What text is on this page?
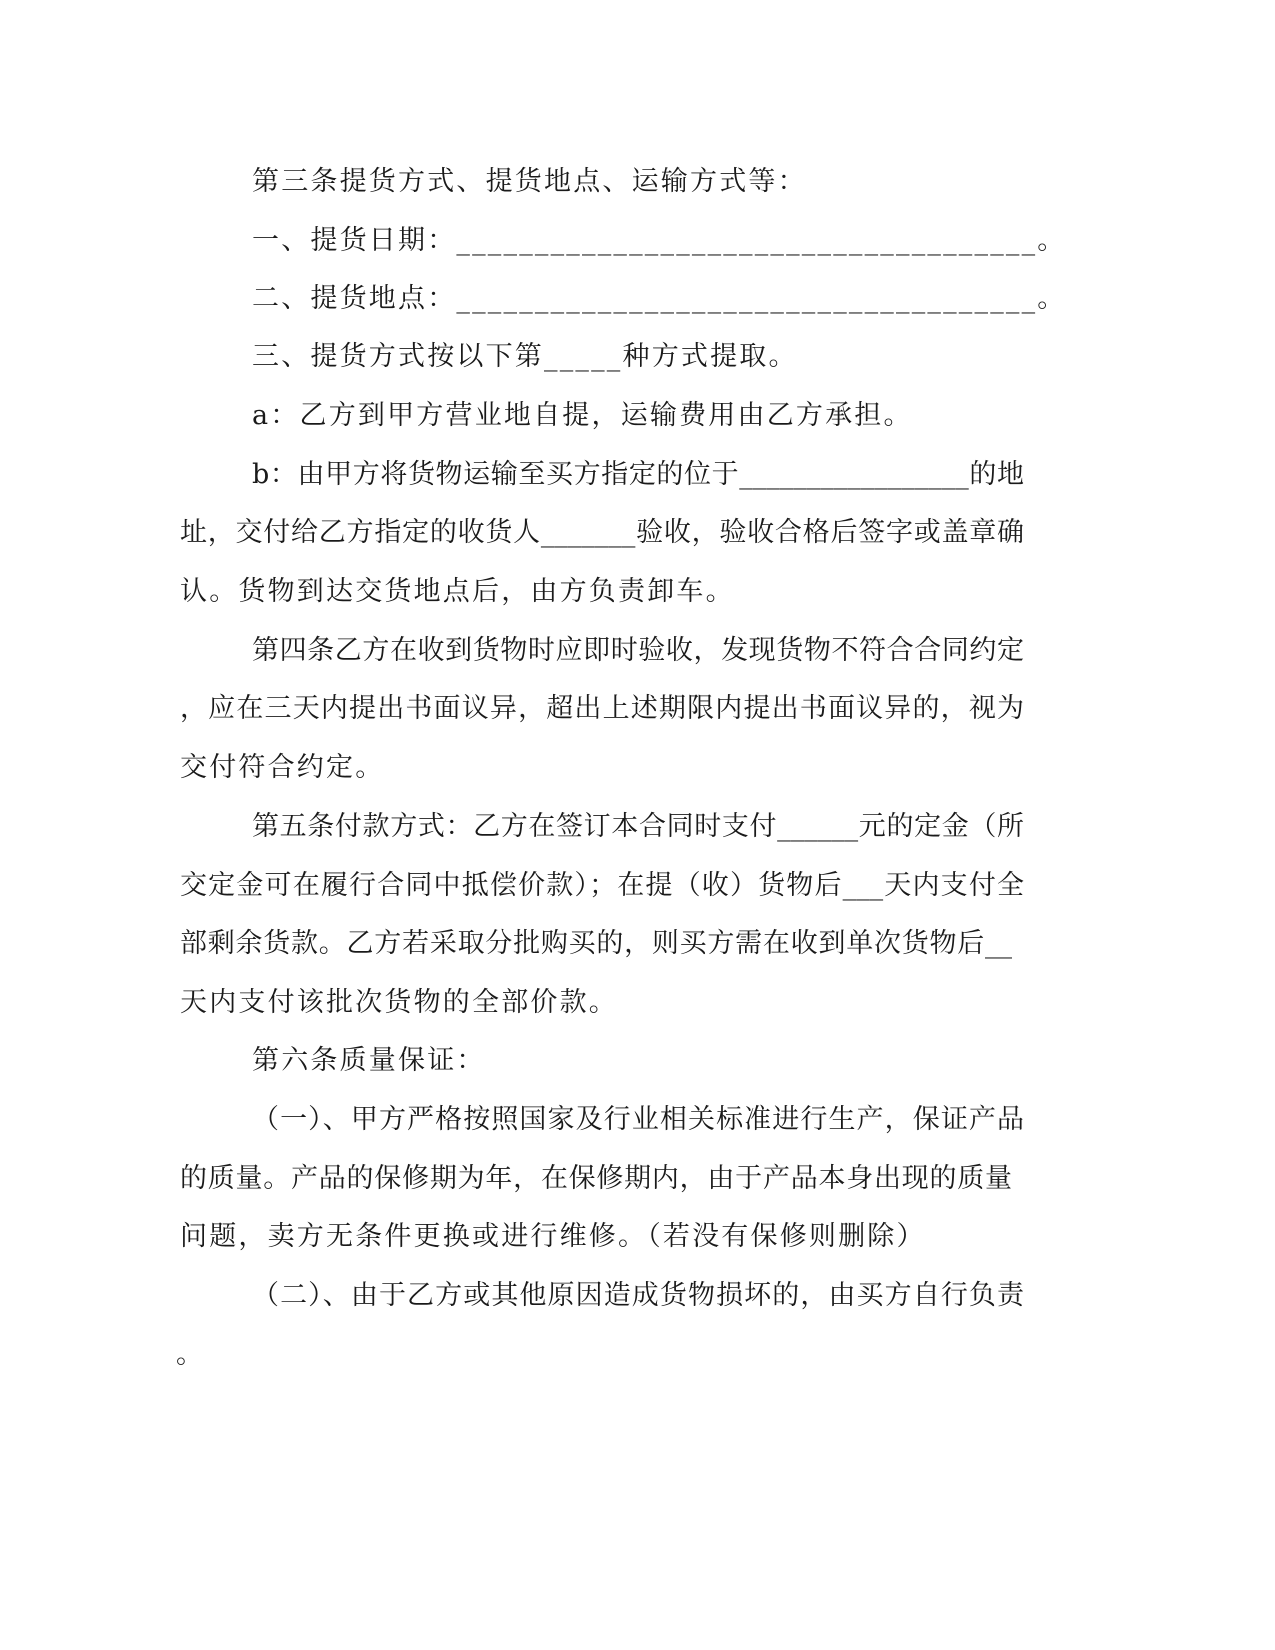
第三条提货方式、提货地点、运输方式等：
一、提货日期：_____________________________________。
二、提货地点：_____________________________________。
三、提货方式按以下第_____种方式提取。
a：乙方到甲方营业地自提，运输费用由乙方承担。
b：由甲方将货物运输至买方指定的位于_________________的地
址，交付给乙方指定的收货人_______验收，验收合格后签字或盖章确
认。货物到达交货地点后，由方负责卸车。
第四条乙方在收到货物时应即时验收，发现货物不符合合同约定
，应在三天内提出书面议异，超出上述期限内提出书面议异的，视为
交付符合约定。
第五条付款方式：乙方在签订本合同时支付______元的定金（所
交定金可在履行合同中抵偿价款）；在提（收）货物后___天内支付全
部剩余货款。乙方若采取分批购买的，则买方需在收到单次货物后__
天内支付该批次货物的全部价款。
第六条质量保证：
（一）、甲方严格按照国家及行业相关标准进行生产，保证产品
的质量。产品的保修期为年，在保修期内，由于产品本身出现的质量
问题，卖方无条件更换或进行维修。（若没有保修则删除）
（二）、由于乙方或其他原因造成货物损坏的，由买方自行负责
。
